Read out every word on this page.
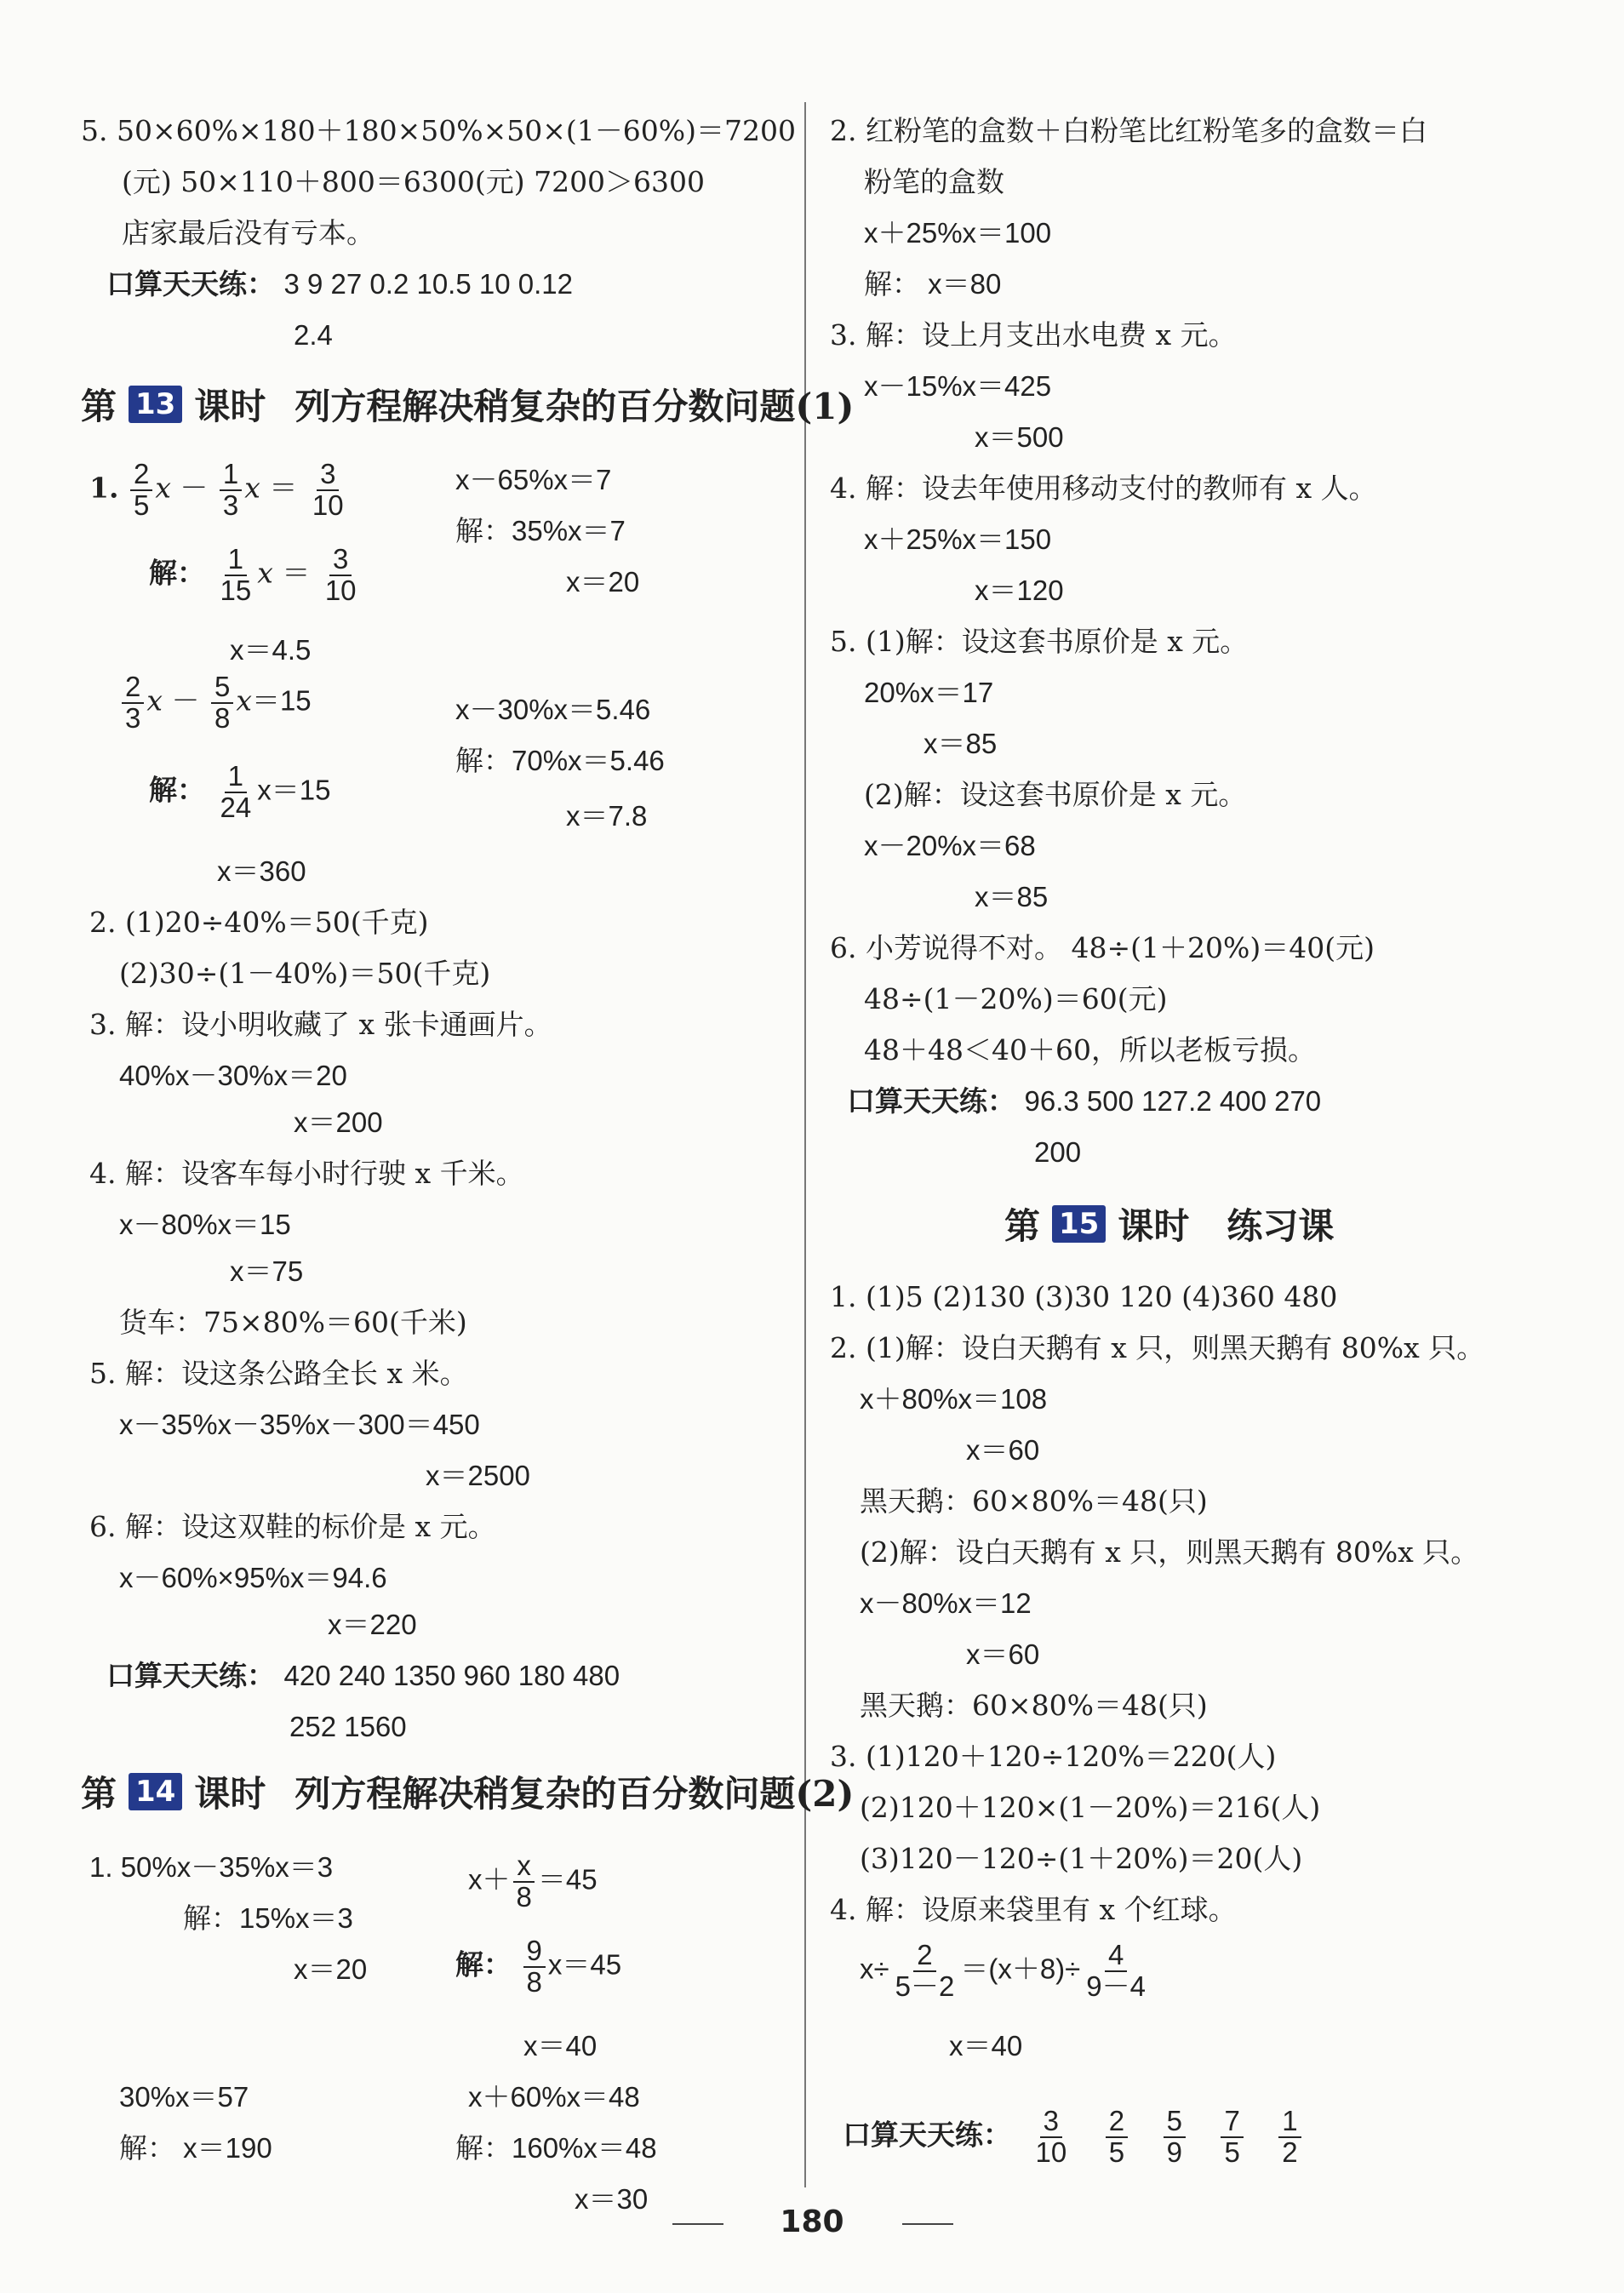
5. 50×60%×180＋180×50%×50×(1－60%)＝7200
(元) 50×110＋800＝6300(元) 7200＞6300
店家最后没有亏本。
口算天天练： 3 9 27 0.2 10.5 10 0.12
2.4
第 13 课时 列方程解决稍复杂的百分数问题(1)
1. $\frac{2}{5}$ $x - \frac{1}{3}$ $x = \frac{3}{10}$
解： $\frac{1}{15}$ $x = \frac{3}{10}$
x＝4.5
x－65%x＝7
解：35%x＝7
x＝20
$\frac{2}{3}$ $x - \frac{5}{8} x=15$
解： $\frac{1}{24} x=15$
x＝360
x－30%x＝5.46
解：70%x＝5.46
x＝7.8
2. (1)20÷40%＝50(千克)
(2)30÷(1－40%)＝50(千克)
3. 解：设小明收藏了 x 张卡通画片。
40%x－30%x＝20
x＝200
4. 解：设客车每小时行驶 x 千米。
x－80%x＝15
x＝75
货车：75×80%＝60(千米)
5. 解：设这条公路全长 x 米。
x－35%x－35%x－300＝450
x＝2500
6. 解：设这双鞋的标价是 x 元。
x－60%×95%x＝94.6
x＝220
口算天天练： 420 240 1350 960 180 480
252 1560
第 14 课时 列方程解决稍复杂的百分数问题(2)
1. 50%x－35%x＝3
解：15%x＝3
x＝20
$x+ \frac{x}{8} =45$
解： $\frac{9}{8} x=45$
x＝40
30%x＝57
解： x＝190
x＋60%x＝48
解：160%x＝48
x＝30
2. 红粉笔的盒数＋白粉笔比红粉笔多的盒数＝白
粉笔的盒数
x＋25%x＝100
解： x＝80
3. 解：设上月支出水电费 x 元。
x－15%x＝425
x＝500
4. 解：设去年使用移动支付的教师有 x 人。
x＋25%x＝150
x＝120
5. (1)解：设这套书原价是 x 元。
20%x＝17
x＝85
(2)解：设这套书原价是 x 元。
x－20%x＝68
x＝85
6. 小芳说得不对。 48÷(1＋20%)＝40(元)
48÷(1－20%)＝60(元)
48＋48＜40＋60，所以老板亏损。
口算天天练： 96.3 500 127.2 400 270
200
第 15 课时 练习课
1. (1)5 (2)130 (3)30 120 (4)360 480
2. (1)解：设白天鹅有 x 只，则黑天鹅有 80%x 只。
x＋80%x＝108
x＝60
黑天鹅：60×80%＝48(只)
(2)解：设白天鹅有 x 只，则黑天鹅有 80%x 只。
x－80%x＝12
x＝60
黑天鹅：60×80%＝48(只)
3. (1)120＋120÷120%＝220(人)
(2)120＋120×(1－20%)＝216(人)
(3)120－120÷(1＋20%)＝20(人)
4. 解：设原来袋里有 x 个红球。
$x\div \frac{2}{5-2} =(x+8)\div \frac{4}{9-4}$
x＝40
口算天天练： $\frac{3}{10}$
$\frac{2}{5}$
$\frac{5}{9}$
$\frac{7}{5}$
$\frac{1}{2}$
180
